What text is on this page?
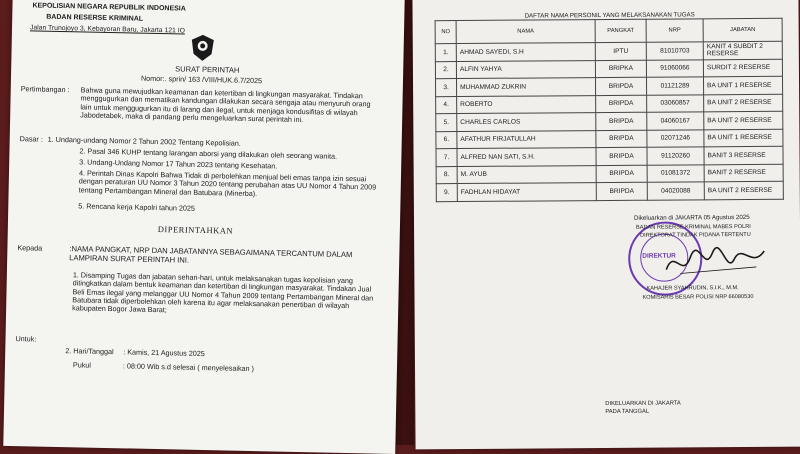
KEPOLISIAN NEGARA REPUBLIK INDONESIA
BADAN RESERSE KRIMINAL
Jalan Trunojoyo 3, Kebayoran Baru, Jakarta 121 IO
SURAT PERINTAH
Nomor:. sprin/ 163 /VIII/HUK.6.7/2025
Pertimbangan : Bahwa guna mewujudkan keamanan dan ketertiban di lingkungan masyarakat. Tindakan menggugurkan dan mematikan kandungan dilakukan secara sengaja atau menyuruh orang lain untuk menggugurkan itu di larang dan ilegal, untuk menjaga kondusifitas di wilayah Jabodetabek, maka di pandang perlu mengeluarkan surat perintah ini.
Dasar : 1. Undang-undang Nomor 2 Tahun 2002 Tentang Kepolisian.
2. Pasal 346 KUHP tentang larangan aborsi yang dilakukan oleh seorang wanita.
3. Undang-Undang Nomor 17 Tahun 2023 tentang Kesehatan.
4. Perintah Dinas Kapolri Bahwa Tidak di perbolehkan menjual beli emas tanpa izin sesuai dengan peraturan UU Nomor 3 Tahun 2020 tentang perubahan atas UU Nomor 4 Tahun 2009 tentang Pertambangan Mineral dan Batubara (Minerba).
5. Rencana kerja Kapolri tahun 2025
DIPERINTAHKAN
Kepada	:NAMA PANGKAT, NRP DAN JABATANNYA SEBAGAIMANA TERCANTUM DALAM LAMPIRAN SURAT PERINTAH INI.
1. Disamping Tugas dan jabatan sehari-hari, untuk melaksanakan tugas kepolisian yang ditingkatkan dalam bentuk keamanan dan ketertiban di lingkungan masyarakat. Tindakan Jual Beli Emas ilegal yang melanggar UU Nomor 4 Tahun 2009 tentang Pertambangan Mineral dan Batubara tidak diperbolehkan oleh karena itu agar melaksanakan penertiban di wilayah kabupaten Bogor Jawa Barat;
Untuk:
2. Hari/Tanggal : Kamis, 21 Agustus 2025
Pukul	: 08:00 Wib s.d selesai ( menyelesaikan )
DAFTAR NAMA PERSONIL YANG MELAKSANAKAN TUGAS
NO	NAMA	PANGKAT	NRP	JABATAN
1.	AHMAD SAYEDI, S.H	IPTU	81010703	KANIT 4 SUBDIT 2 RESERSE
2.	ALFIN YAHYA	BRIPKA	91060066	SURDIT 2 RESERSE
3.	MUHAMMAD ZUKRIN	BRIPDA	01121289	BA UNIT 1 RESERSE
4.	ROBERTO	BRIPDA	03060857	BA UNIT 2 RESERSE
5.	CHARLES CARLOS	BRIPDA	04060167	BA UNIT 2 RESERSE
6.	AFATHUR FIRJATULLAH	BRIPDA	02071246	BA UNIT 1 RESERSE
7.	ALFRED NAN SATI, S.H.	BRIPDA	91120260	BANIT 3 RESERSE
8.	M. AYUB	BRIPDA	01081372	BANIT 2 RESERSE
9.	FADHLAN HIDAYAT	BRIPDA	04020088	BA UNIT 2 RESERSE
DIREKTUR
Dikeluarkan di JAKARTA 05 Agustus 2025
BADAN RESERSE KRIMINAL MABES POLRI
DIREKTORAT TINDAK PIDANA TERTENTU
KAHAJER SYAHRUDIN, S.I.K., M.M.
KOMISARIS BESAR POLISI NRP 66080530
DIKELUARKAN DI JAKARTA
PADA TANGGAL
